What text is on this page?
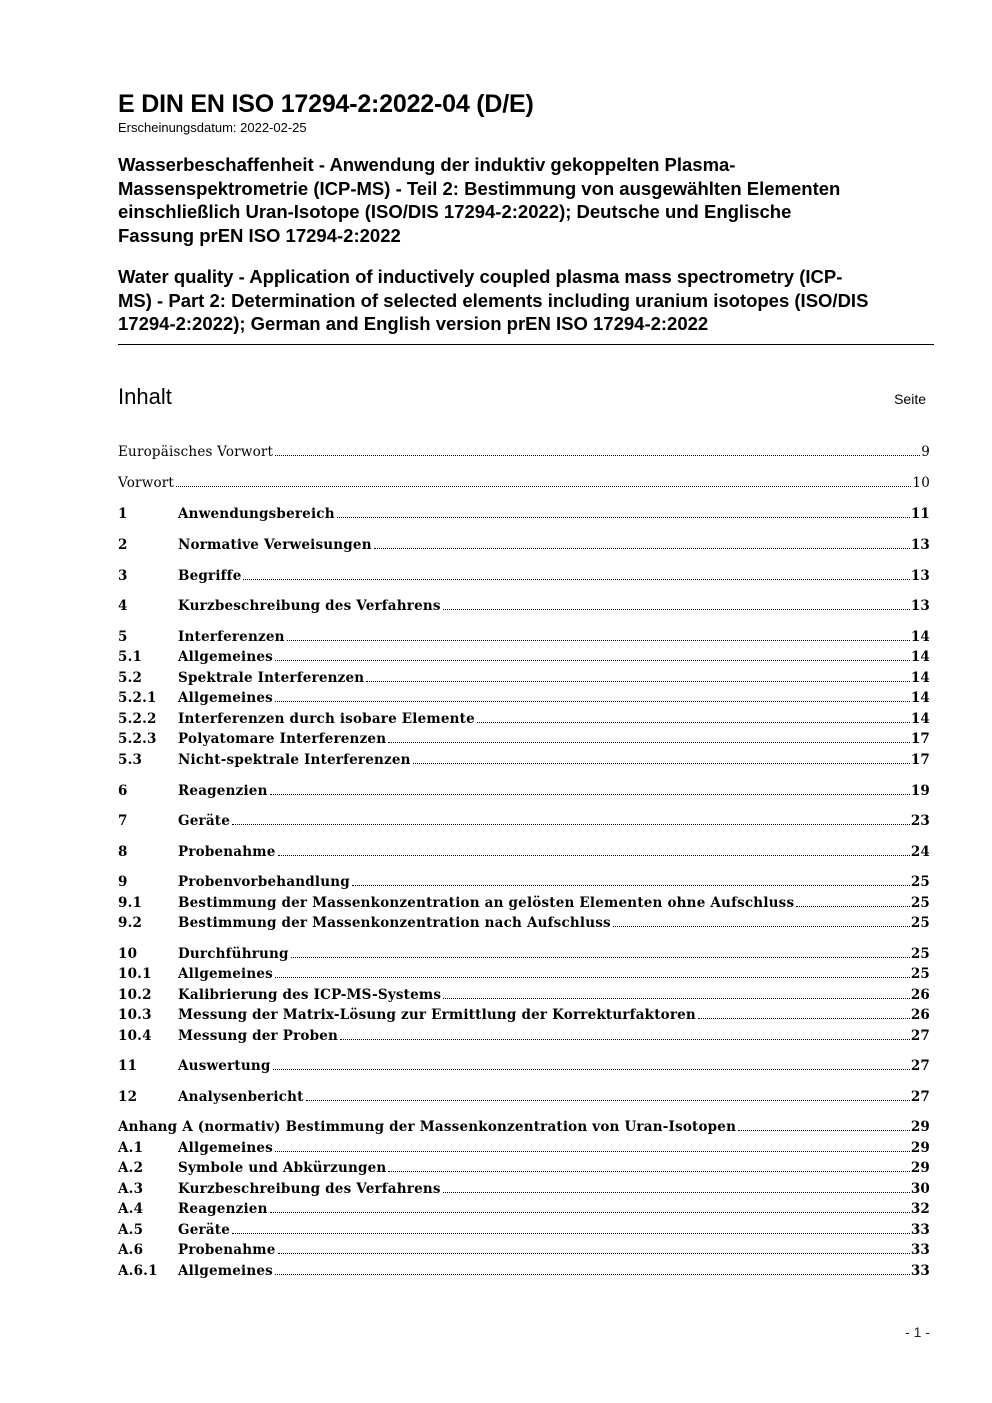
E DIN EN ISO 17294-2:2022-04 (D/E)

Erscheinungsdatum: 2022-02-25

Wasserbeschaffenheit - Anwendung der induktiv gekoppelten Plasma-
Massenspektrometrie (ICP-MS) - Teil 2: Bestimmung von ausgewählten Elementen
einschließlich Uran-Isotope (ISO/DIS 17294-2:2022); Deutsche und Englische
Fassung prEN ISO 17294-2:2022
Water quality - Application of inductively coupled plasma mass spectrometry (ICP-
MS) - Part 2: Determination of selected elements including uranium isotopes (ISO/DIS
17294-2:2022); German and English version prEN ISO 17294-2:2022
Inhalt	Seite
Europäisches Vorwort	9
Vorwort	10
1	Anwendungsbereich	11
2	Normative Verweisungen	13
3	Begriffe	13
4	Kurzbeschreibung des Verfahrens	13
5	Interferenzen	14
5.1	Allgemeines	14
5.2	Spektrale Interferenzen	14
5.2.1	Allgemeines	14
5.2.2	Interferenzen durch isobare Elemente	14
5.2.3	Polyatomare Interferenzen	17
5.3	Nicht-spektrale Interferenzen	17
6	Reagenzien	19
7	Geräte	23
8	Probenahme	24
9	Probenvorbehandlung	25
9.1	Bestimmung der Massenkonzentration an gelösten Elementen ohne Aufschluss	25
9.2	Bestimmung der Massenkonzentration nach Aufschluss	25
10	Durchführung	25
10.1	Allgemeines	25
10.2	Kalibrierung des ICP-MS-Systems	26
10.3	Messung der Matrix-Lösung zur Ermittlung der Korrekturfaktoren	26
10.4	Messung der Proben	27
11	Auswertung	27
12	Analysenbericht	27
Anhang A (normativ) Bestimmung der Massenkonzentration von Uran-Isotopen	29
A.1	Allgemeines	29
A.2	Symbole und Abkürzungen	29
A.3	Kurzbeschreibung des Verfahrens	30
A.4	Reagenzien	32
A.5	Geräte	33
A.6	Probenahme	33
A.6.1	Allgemeines	33
- 1 -
